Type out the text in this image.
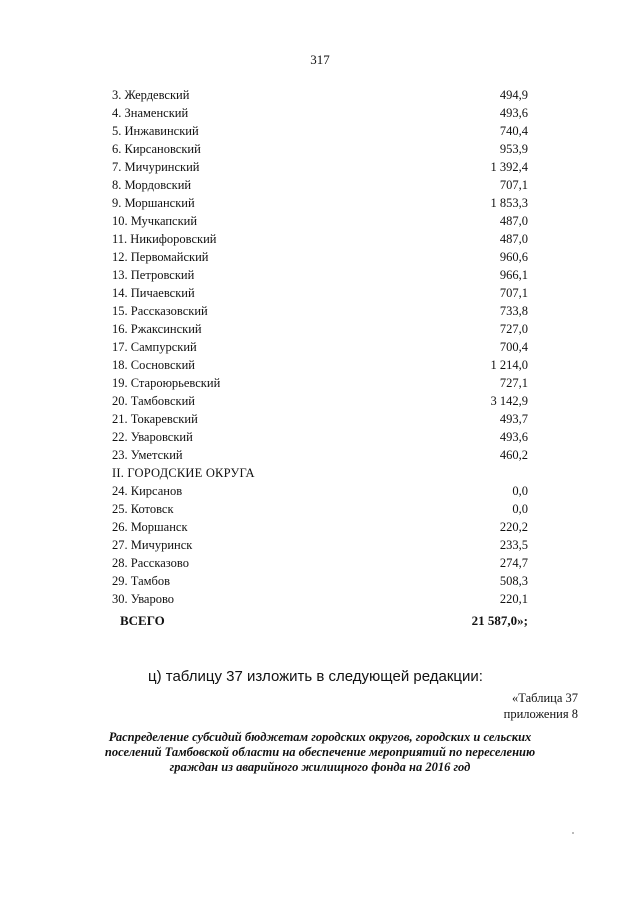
317
3. Жердевский	494,9
4. Знаменский	493,6
5. Инжавинский	740,4
6. Кирсановский	953,9
7. Мичуринский	1 392,4
8. Мордовский	707,1
9. Моршанский	1 853,3
10. Мучкапский	487,0
11. Никифоровский	487,0
12. Первомайский	960,6
13. Петровский	966,1
14. Пичаевский	707,1
15. Рассказовский	733,8
16. Ржаксинский	727,0
17. Сампурский	700,4
18. Сосновский	1 214,0
19. Староюрьевский	727,1
20. Тамбовский	3 142,9
21. Токаревский	493,7
22. Уваровский	493,6
23. Уметский	460,2
II. ГОРОДСКИЕ ОКРУГА
24. Кирсанов	0,0
25. Котовск	0,0
26. Моршанск	220,2
27. Мичуринск	233,5
28. Рассказово	274,7
29. Тамбов	508,3
30. Уварово	220,1
ВСЕГО	21 587,0»;
ц) таблицу 37 изложить в следующей редакции:
«Таблица 37
приложения 8
Распределение субсидий бюджетам городских округов, городских и сельских поселений Тамбовской области на обеспечение мероприятий по переселению граждан из аварийного жилищного фонда на 2016 год
